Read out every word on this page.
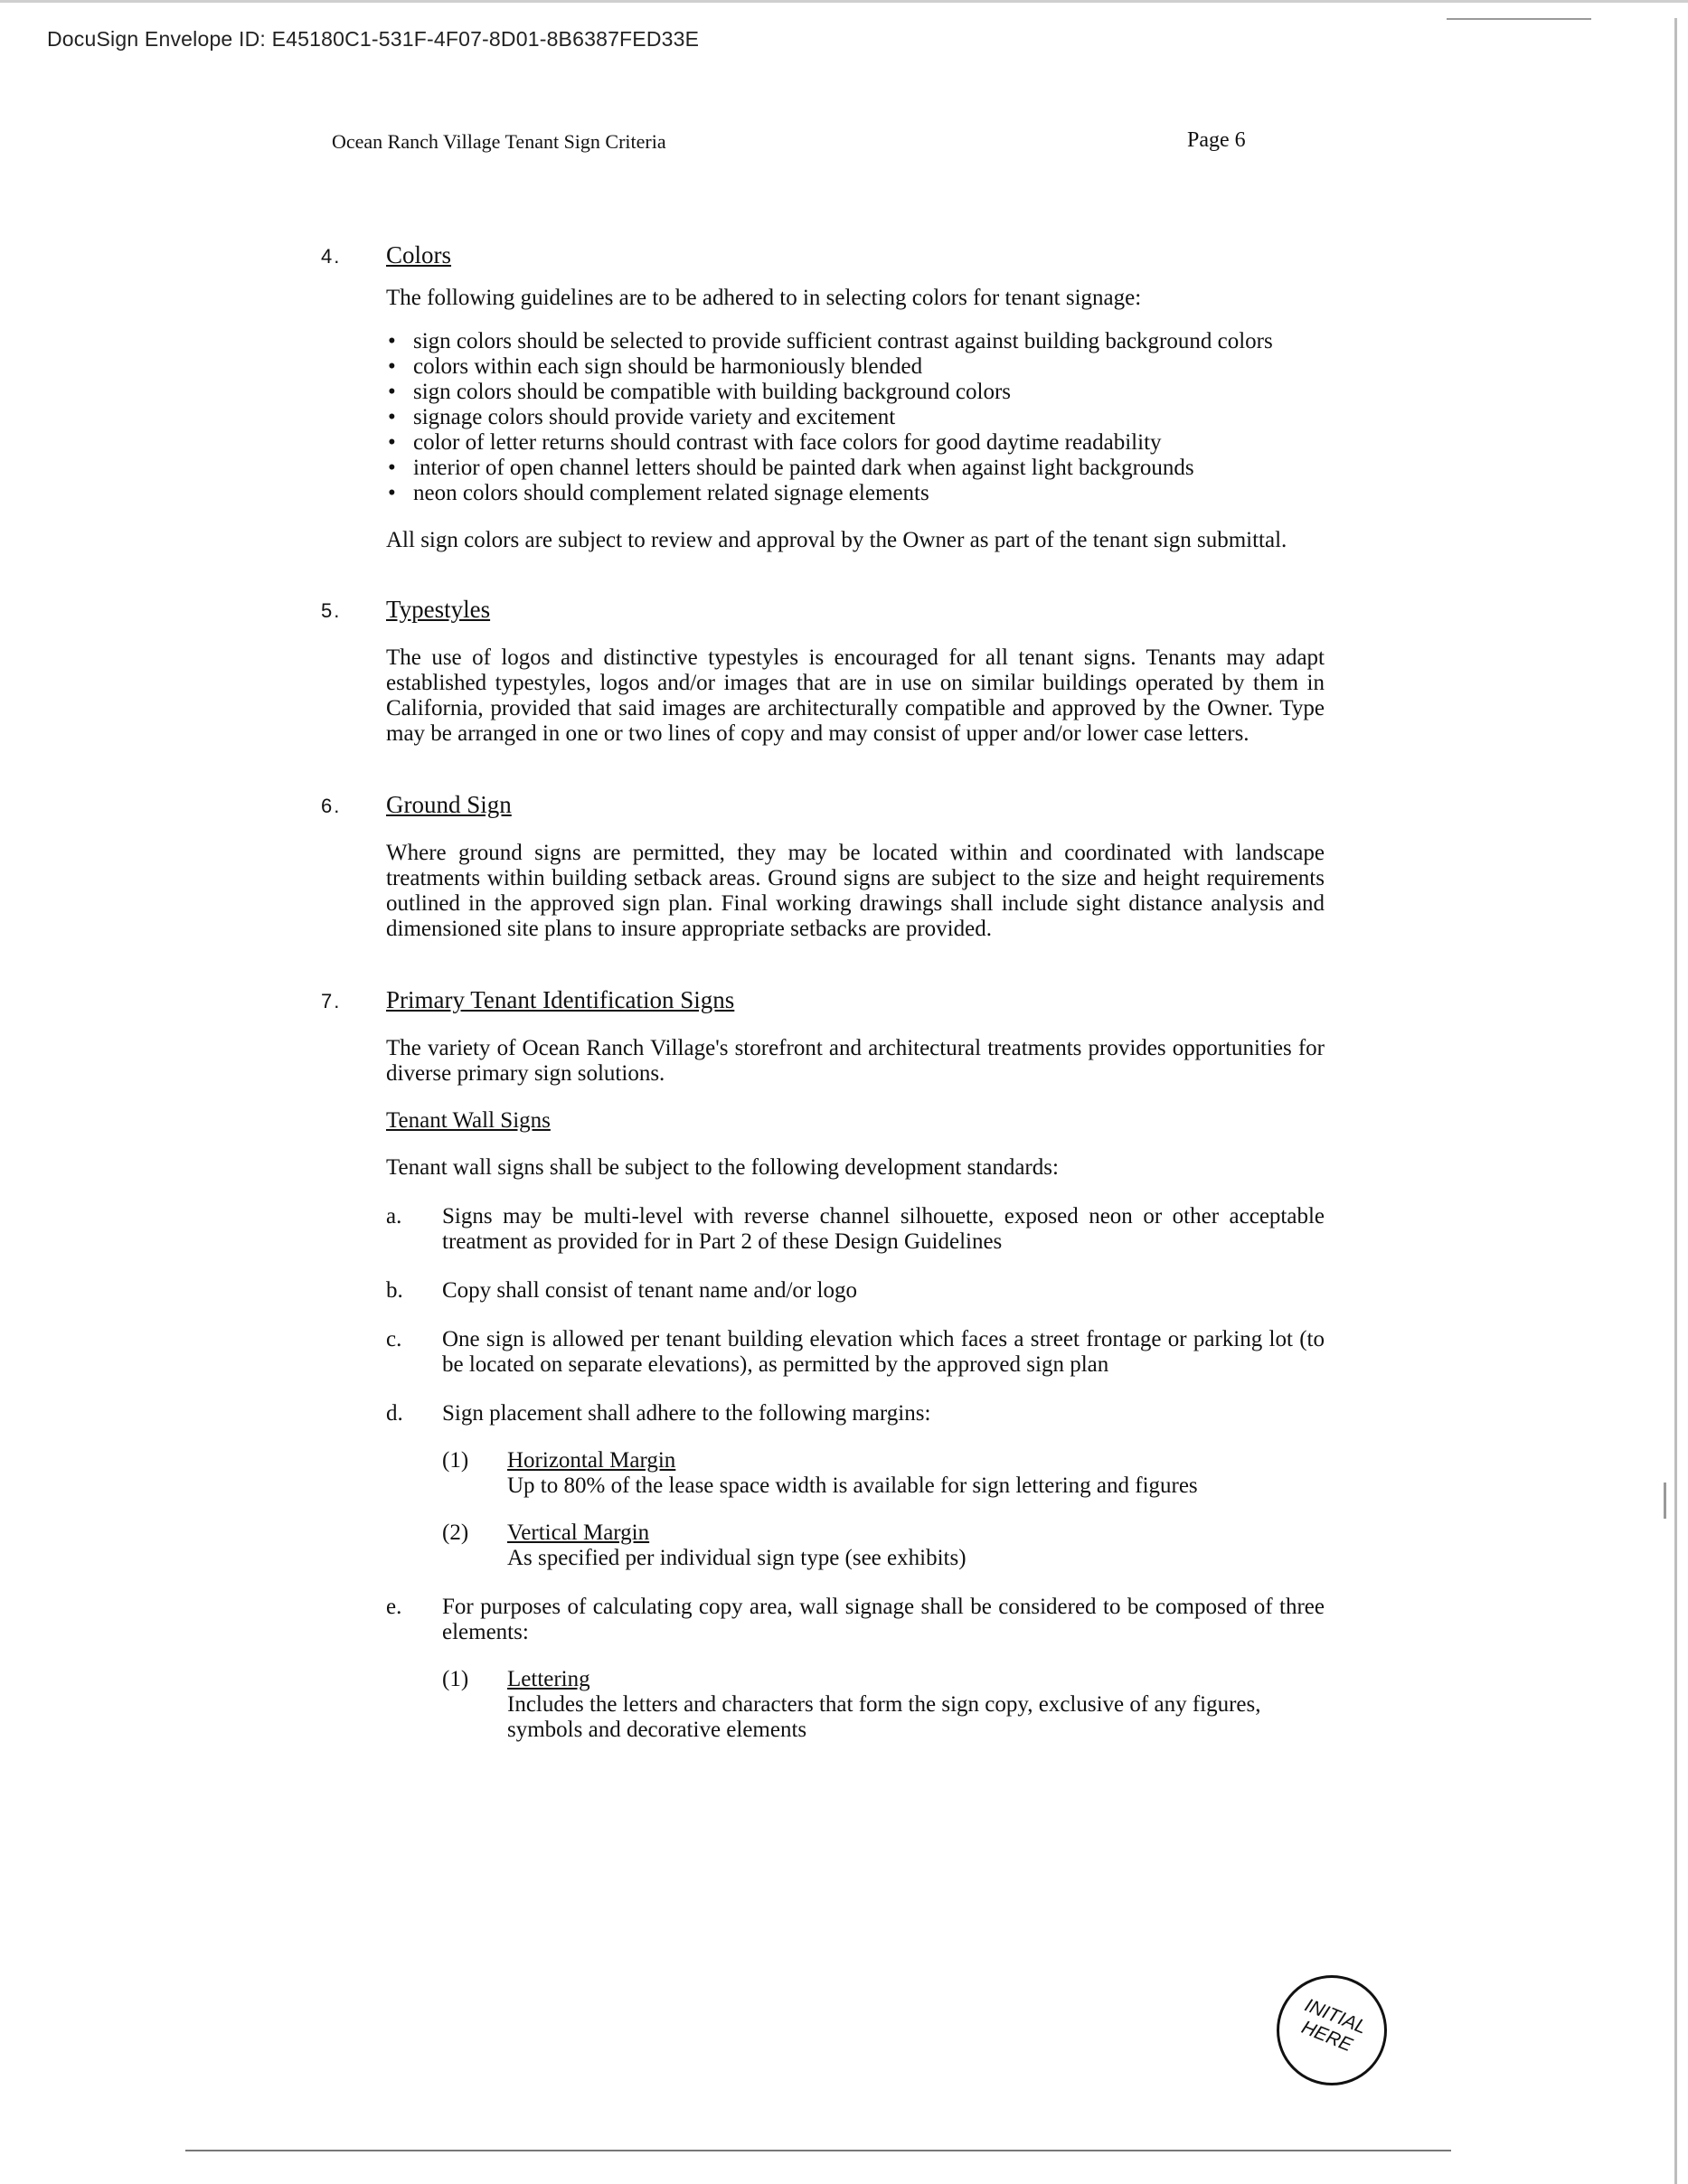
DocuSign Envelope ID: E45180C1-531F-4F07-8D01-8B6387FED33E
Ocean Ranch Village Tenant Sign Criteria	Page 6
4.	Colors

The following guidelines are to be adhered to in selecting colors for tenant signage:

• sign colors should be selected to provide sufficient contrast against building background colors
• colors within each sign should be harmoniously blended
• sign colors should be compatible with building background colors
• signage colors should provide variety and excitement
• color of letter returns should contrast with face colors for good daytime readability
• interior of open channel letters should be painted dark when against light backgrounds
• neon colors should complement related signage elements

All sign colors are subject to review and approval by the Owner as part of the tenant sign submittal.

5.	Typestyles

The use of logos and distinctive typestyles is encouraged for all tenant signs. Tenants may adapt established typestyles, logos and/or images that are in use on similar buildings operated by them in California, provided that said images are architecturally compatible and approved by the Owner. Type may be arranged in one or two lines of copy and may consist of upper and/or lower case letters.

6.	Ground Sign

Where ground signs are permitted, they may be located within and coordinated with landscape treatments within building setback areas. Ground signs are subject to the size and height requirements outlined in the approved sign plan. Final working drawings shall include sight distance analysis and dimensioned site plans to insure appropriate setbacks are provided.

7.	Primary Tenant Identification Signs

The variety of Ocean Ranch Village's storefront and architectural treatments provides opportunities for diverse primary sign solutions.

Tenant Wall Signs

Tenant wall signs shall be subject to the following development standards:

a.	Signs may be multi-level with reverse channel silhouette, exposed neon or other acceptable treatment as provided for in Part 2 of these Design Guidelines
b.	Copy shall consist of tenant name and/or logo
c.	One sign is allowed per tenant building elevation which faces a street frontage or parking lot (to be located on separate elevations), as permitted by the approved sign plan
d.	Sign placement shall adhere to the following margins:
(1)	Horizontal Margin
Up to 80% of the lease space width is available for sign lettering and figures
(2)	Vertical Margin
As specified per individual sign type (see exhibits)
e.	For purposes of calculating copy area, wall signage shall be considered to be composed of three elements:
(1)	Lettering
Includes the letters and characters that form the sign copy, exclusive of any figures, symbols and decorative elements
INITIAL HERE
